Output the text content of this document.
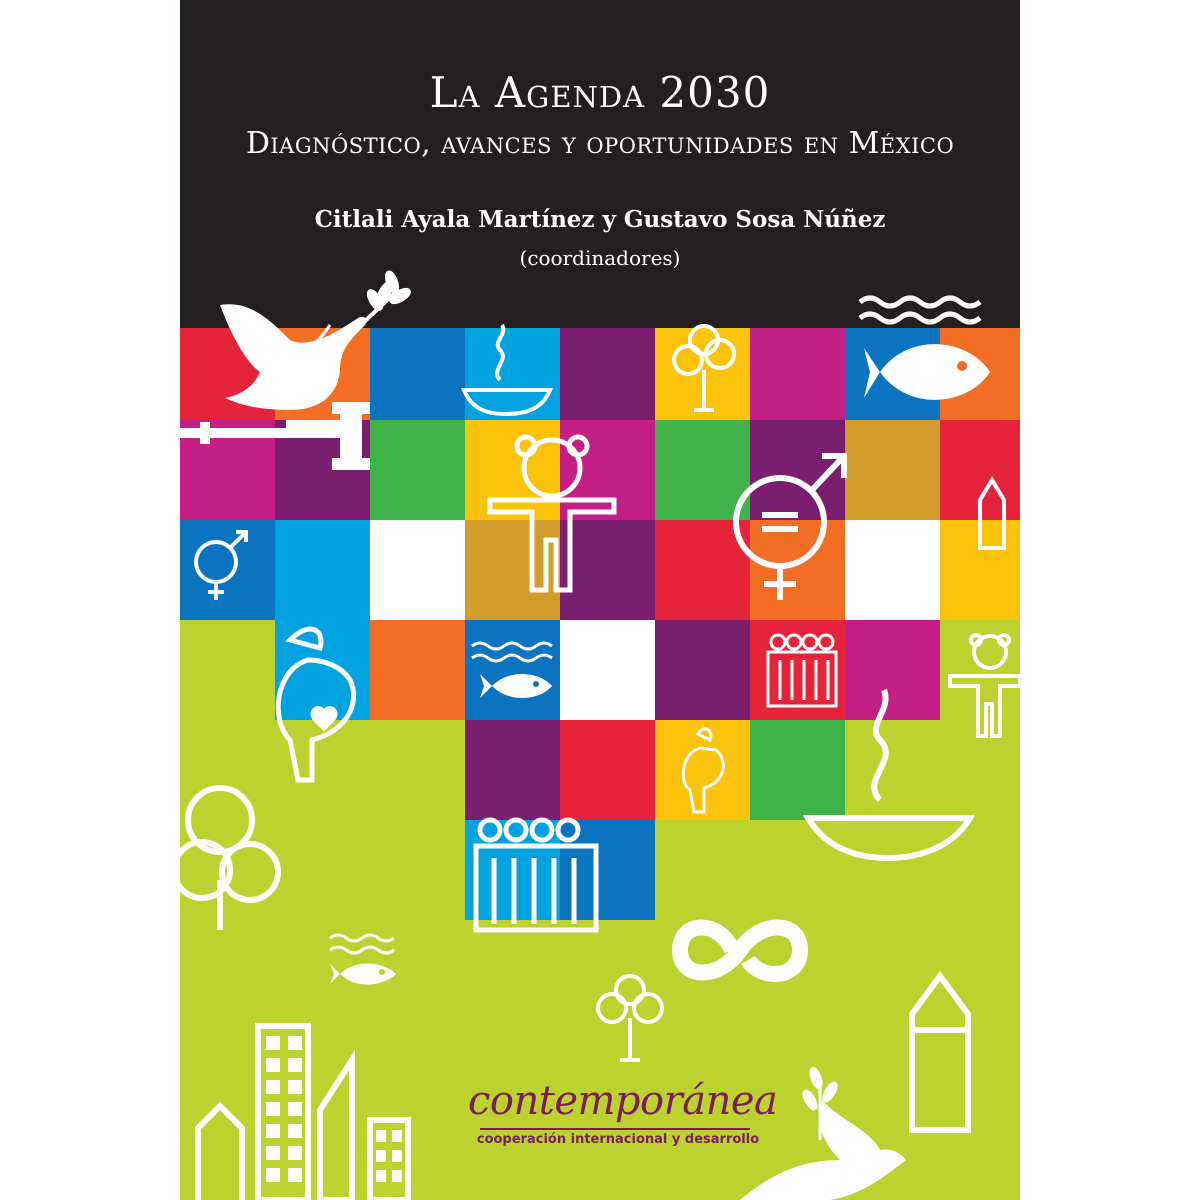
La Agenda 2030
Diagnóstico, avances y oportunidades en México
Citlali Ayala Martínez y Gustavo Sosa Núñez
(coordinadores)
contemporánea
cooperación internacional y desarrollo
